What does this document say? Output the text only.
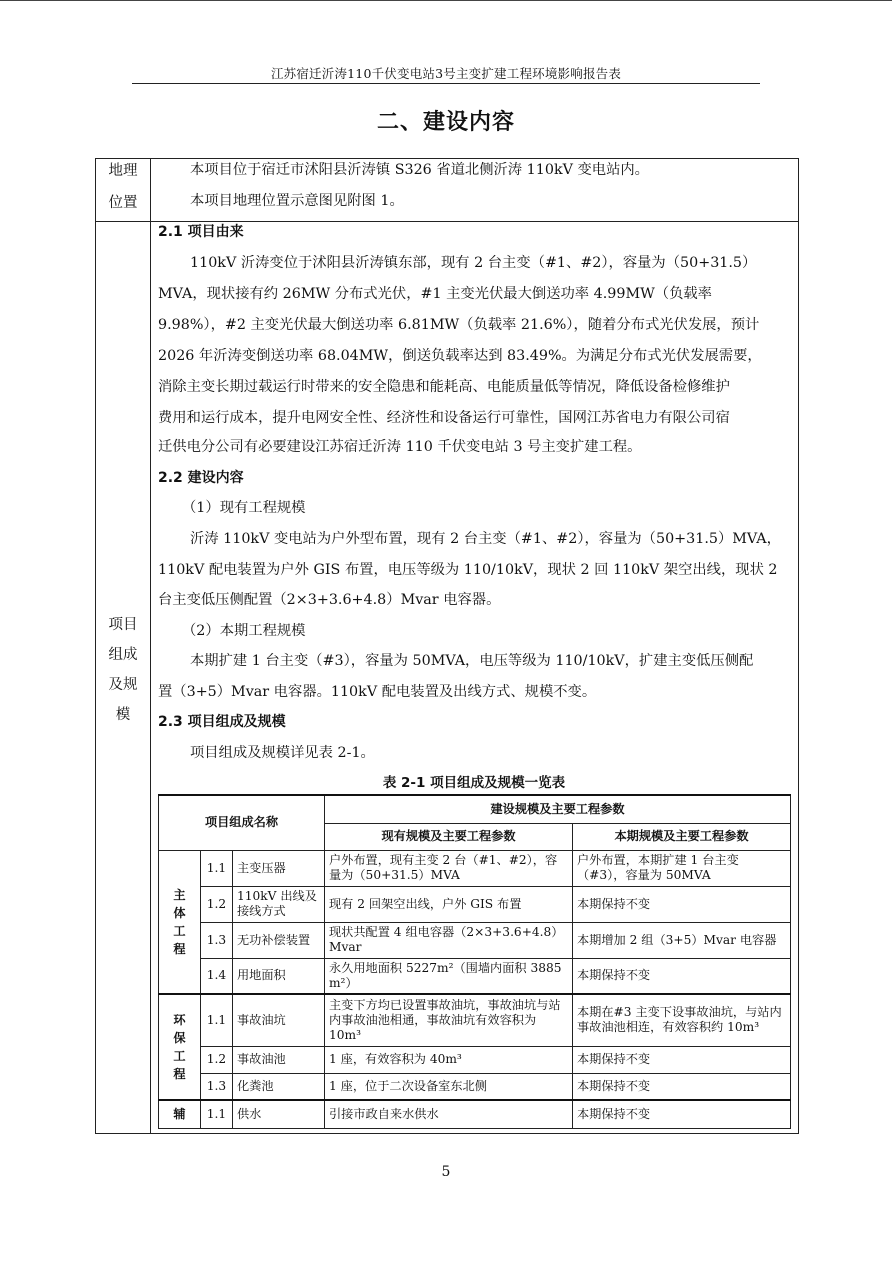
江苏宿迁沂涛110千伏变电站3号主变扩建工程环境影响报告表
二、建设内容
地理
位置
本项目位于宿迁市沭阳县沂涛镇 S326 省道北侧沂涛 110kV 变电站内。
本项目地理位置示意图见附图 1。
项目
组成
及规
模
2.1 项目由来
110kV 沂涛变位于沭阳县沂涛镇东部，现有 2 台主变（#1、#2），容量为（50+31.5）
MVA，现状接有约 26MW 分布式光伏，#1 主变光伏最大倒送功率 4.99MW（负载率
9.98%），#2 主变光伏最大倒送功率 6.81MW（负载率 21.6%），随着分布式光伏发展，预计
2026 年沂涛变倒送功率 68.04MW，倒送负载率达到 83.49%。为满足分布式光伏发展需要，
消除主变长期过载运行时带来的安全隐患和能耗高、电能质量低等情况，降低设备检修维护
费用和运行成本，提升电网安全性、经济性和设备运行可靠性，国网江苏省电力有限公司宿
迁供电分公司有必要建设江苏宿迁沂涛 110 千伏变电站 3 号主变扩建工程。
2.2 建设内容
（1）现有工程规模
沂涛 110kV 变电站为户外型布置，现有 2 台主变（#1、#2），容量为（50+31.5）MVA，
110kV 配电装置为户外 GIS 布置，电压等级为 110/10kV，现状 2 回 110kV 架空出线，现状 2
台主变低压侧配置（2×3+3.6+4.8）Mvar 电容器。
（2）本期工程规模
本期扩建 1 台主变（#3），容量为 50MVA，电压等级为 110/10kV，扩建主变低压侧配
置（3+5）Mvar 电容器。110kV 配电装置及出线方式、规模不变。
2.3 项目组成及规模
项目组成及规模详见表 2-1。
表 2-1 项目组成及规模一览表
项目组成名称			建设规模及主要工程参数	
			现有规模及主要工程参数	本期规模及主要工程参数
主
体
工
程	1.1	主变压器	户外布置，现有主变 2 台（#1、#2），容量为（50+31.5）MVA	户外布置，本期扩建 1 台主变（#3），容量为 50MVA
	1.2	110kV 出线及接线方式	现有 2 回架空出线，户外 GIS 布置	本期保持不变
	1.3	无功补偿装置	现状共配置 4 组电容器（2×3+3.6+4.8）Mvar	本期增加 2 组（3+5）Mvar 电容器
	1.4	用地面积	永久用地面积 5227m²（围墙内面积 3885 m²）	本期保持不变
环
保
工
程	1.1	事故油坑	主变下方均已设置事故油坑，事故油坑与站内事故油池相通，事故油坑有效容积为 10m³	本期在#3 主变下设事故油坑，与站内事故油池相连，有效容积约 10m³
	1.2	事故油池	1 座，有效容积为 40m³	本期保持不变
	1.3	化粪池	1 座，位于二次设备室东北侧	本期保持不变
辅	1.1	供水	引接市政自来水供水	本期保持不变
5
